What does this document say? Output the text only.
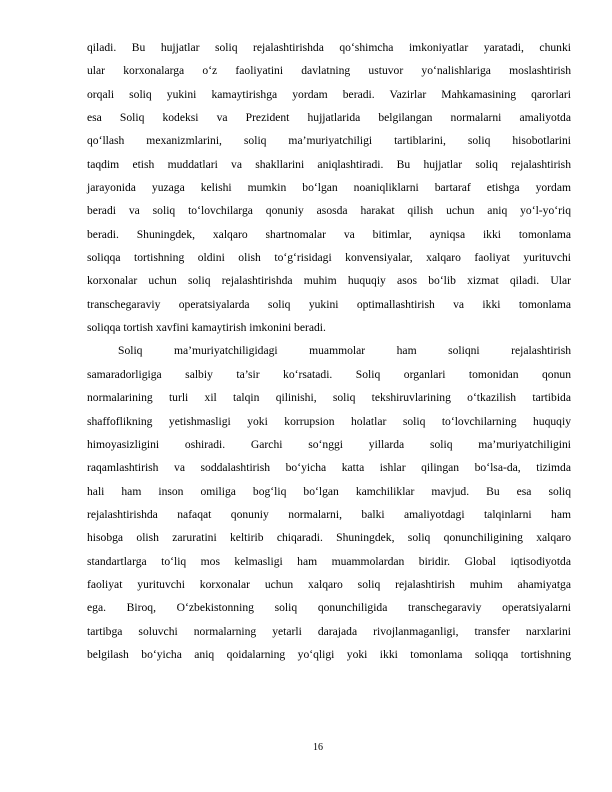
qiladi. Bu hujjatlar soliq rejalashtirishda qo‘shimcha imkoniyatlar yaratadi, chunki
ular korxonalarga o‘z faoliyatini davlatning ustuvor yo‘nalishlariga moslashtirish
orqali soliq yukini kamaytirishga yordam beradi. Vazirlar Mahkamasining qarorlari
esa Soliq kodeksi va Prezident hujjatlarida belgilangan normalarni amaliyotda
qo‘llash mexanizmlarini, soliq ma’muriyatchiligi tartiblarini, soliq hisobotlarini
taqdim etish muddatlari va shakllarini aniqlashtiradi. Bu hujjatlar soliq rejalashtirish
jarayonida yuzaga kelishi mumkin bo‘lgan noaniqliklarni bartaraf etishga yordam
beradi va soliq to‘lovchilarga qonuniy asosda harakat qilish uchun aniq yo‘l-yo‘riq
beradi. Shuningdek, xalqaro shartnomalar va bitimlar, ayniqsa ikki tomonlama
soliqqa tortishning oldini olish to‘g‘risidagi konvensiyalar, xalqaro faoliyat yurituvchi
korxonalar uchun soliq rejalashtirishda muhim huquqiy asos bo‘lib xizmat qiladi. Ular
transchegaraviy operatsiyalarda soliq yukini optimallashtirish va ikki tomonlama
soliqqa tortish xavfini kamaytirish imkonini beradi.
Soliq ma’muriyatchiligidagi muammolar ham soliqni rejalashtirish
samaradorligiga salbiy ta’sir ko‘rsatadi. Soliq organlari tomonidan qonun
normalarining turli xil talqin qilinishi, soliq tekshiruvlarining o‘tkazilish tartibida
shaffoflikning yetishmasligi yoki korrupsion holatlar soliq to‘lovchilarning huquqiy
himoyasizligini oshiradi. Garchi so‘nggi yillarda soliq ma’muriyatchiligini
raqamlashtirish va soddalashtirish bo‘yicha katta ishlar qilingan bo‘lsa-da, tizimda
hali ham inson omiliga bog‘liq bo‘lgan kamchiliklar mavjud. Bu esa soliq
rejalashtirishda nafaqat qonuniy normalarni, balki amaliyotdagi talqinlarni ham
hisobga olish zaruratini keltirib chiqaradi. Shuningdek, soliq qonunchiligining xalqaro
standartlarga to‘liq mos kelmasligi ham muammolardan biridir. Global iqtisodiyotda
faoliyat yurituvchi korxonalar uchun xalqaro soliq rejalashtirish muhim ahamiyatga
ega. Biroq, O‘zbekistonning soliq qonunchiligida transchegaraviy operatsiyalarni
tartibga soluvchi normalarning yetarli darajada rivojlanmaganligi, transfer narxlarini
belgilash bo‘yicha aniq qoidalarning yo‘qligi yoki ikki tomonlama soliqqa tortishning
16
